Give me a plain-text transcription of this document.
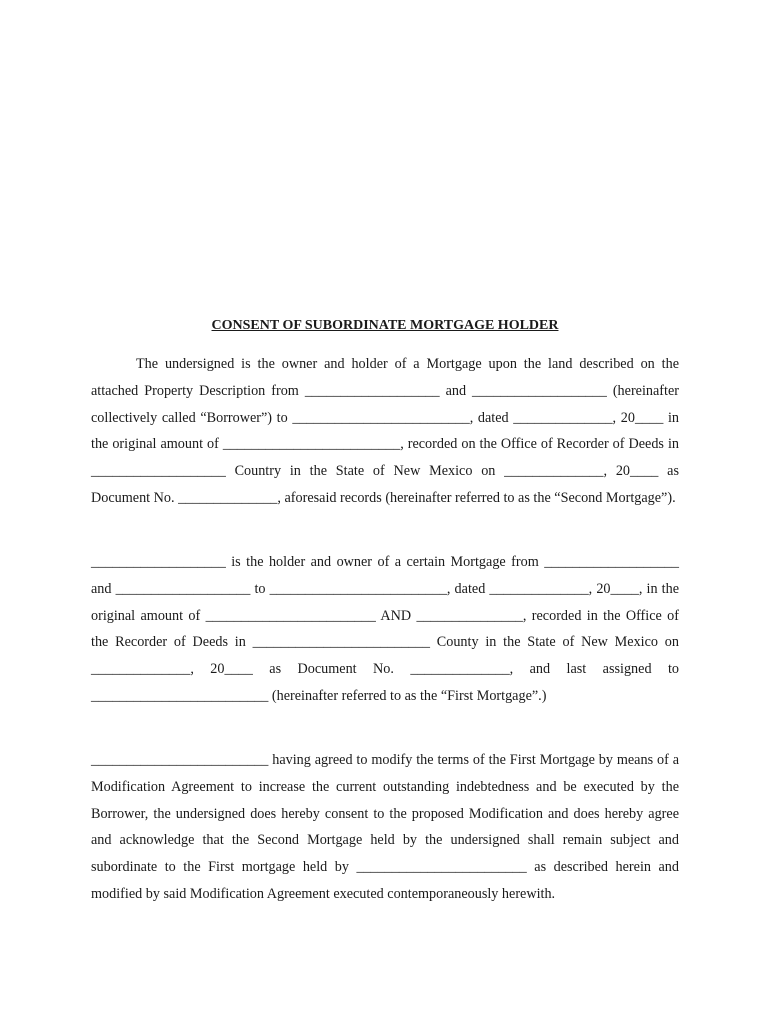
CONSENT OF SUBORDINATE MORTGAGE HOLDER

The undersigned is the owner and holder of a Mortgage upon the land described on the attached Property Description from ___________________ and ___________________ (hereinafter collectively called “Borrower”) to _________________________, dated ______________, 20____ in the original amount of _________________________, recorded on the Office of Recorder of Deeds in ___________________ Country in the State of New Mexico on ______________, 20____ as Document No. ______________, aforesaid records (hereinafter referred to as the “Second Mortgage”).

___________________ is the holder and owner of a certain Mortgage from ___________________ and ___________________ to _________________________, dated ______________, 20____, in the original amount of ________________________ AND _______________, recorded in the Office of the Recorder of Deeds in _________________________ County in the State of New Mexico on ______________, 20____ as Document No. ______________, and last assigned to _________________________ (hereinafter referred to as the “First Mortgage”.)

_________________________ having agreed to modify the terms of the First Mortgage by means of a Modification Agreement to increase the current outstanding indebtedness and be executed by the Borrower, the undersigned does hereby consent to the proposed Modification and does hereby agree and acknowledge that the Second Mortgage held by the undersigned shall remain subject and subordinate to the First mortgage held by ________________________ as described herein and modified by said Modification Agreement executed contemporaneously herewith.
